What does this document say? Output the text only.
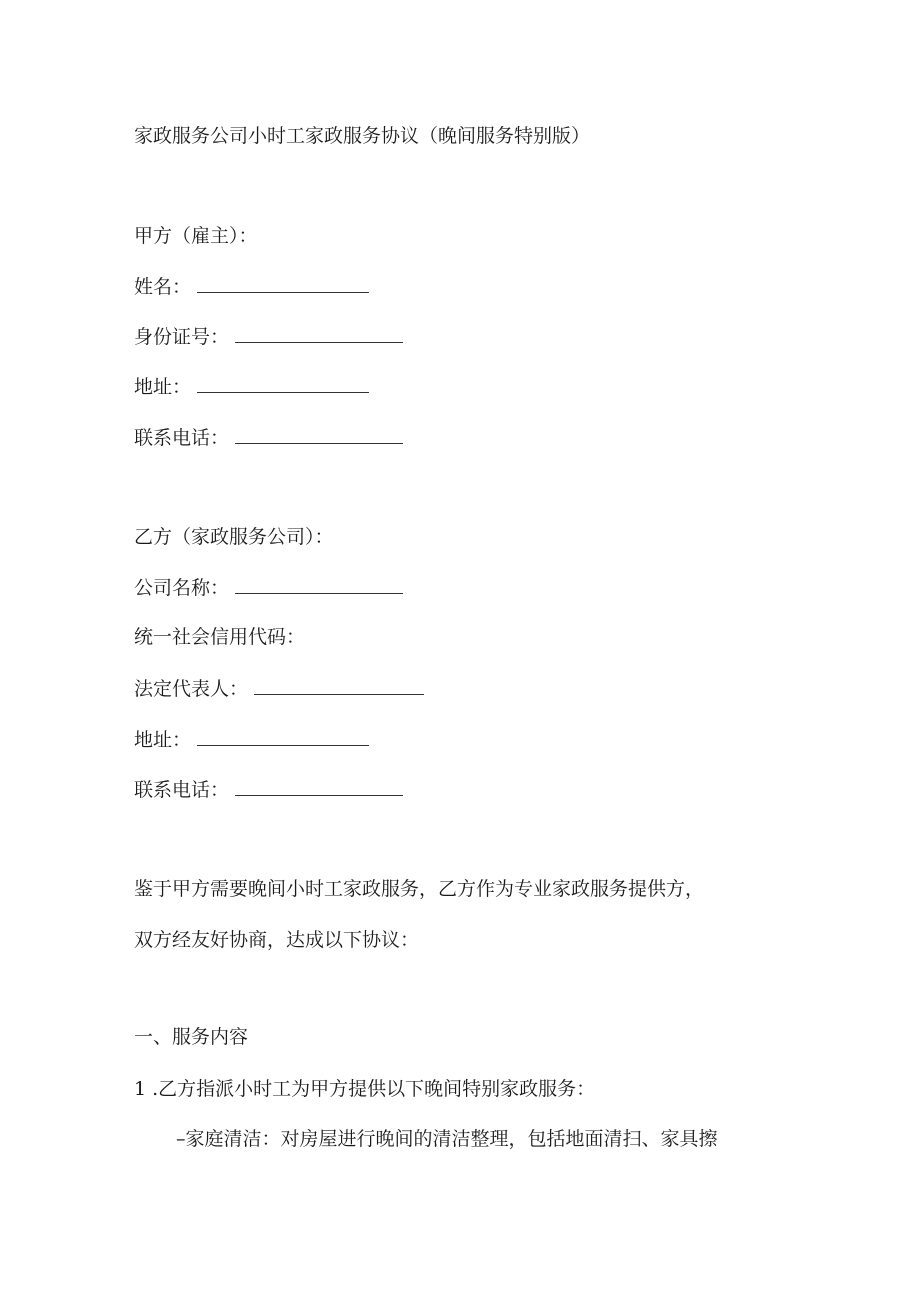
家政服务公司小时工家政服务协议（晚间服务特别版）
甲方（雇主）：
姓名：
身份证号：
地址：
联系电话：
乙方（家政服务公司）：
公司名称：
统一社会信用代码：
法定代表人：
地址：
联系电话：
鉴于甲方需要晚间小时工家政服务，乙方作为专业家政服务提供方，
双方经友好协商，达成以下协议：
一、服务内容
1 .乙方指派小时工为甲方提供以下晚间特别家政服务：
–家庭清洁：对房屋进行晚间的清洁整理，包括地面清扫、家具擦
